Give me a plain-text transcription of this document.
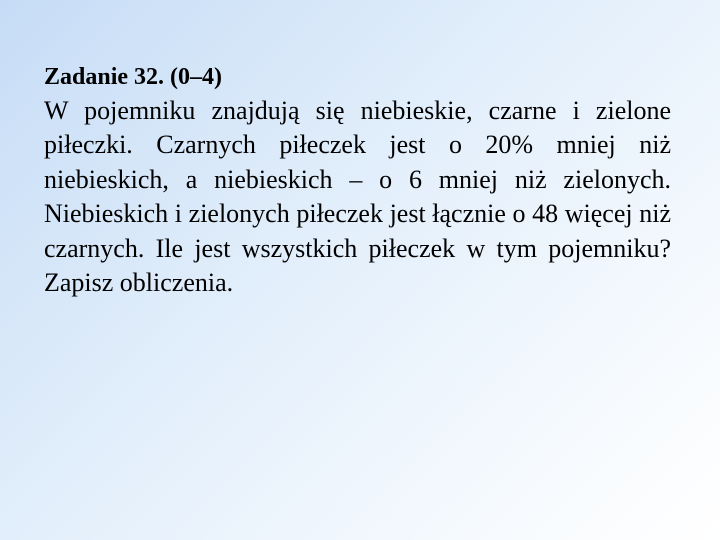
Zadanie 32. (0–4)

W pojemniku znajdują się niebieskie, czarne i zielone piłeczki. Czarnych piłeczek jest o 20% mniej niż niebieskich, a niebieskich – o 6 mniej niż zielonych. Niebieskich i zielonych piłeczek jest łącznie o 48 więcej niż czarnych. Ile jest wszystkich piłeczek w tym pojemniku? Zapisz obliczenia.
